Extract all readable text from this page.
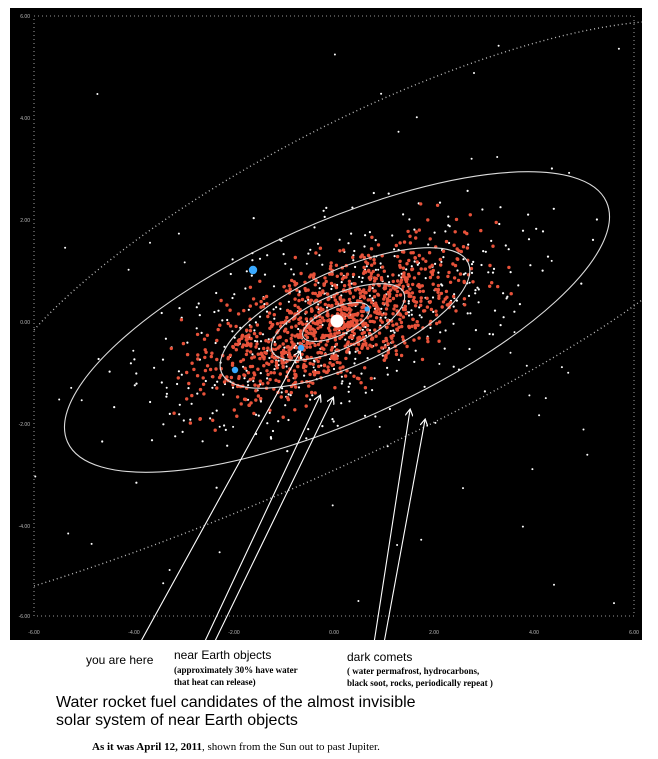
6.00
4.00
2.00
0.00
-2.00
-4.00
-6.00
-6.00	-4.00	-2.00	0.00	2.00	4.00	6.00
you are here near Earth objects
(approximately 30% have water
that heat can release)
dark comets
( water permafrost, hydrocarbons,
black soot, rocks, periodically repeat )
Water rocket fuel candidates of the almost invisible
solar system of near Earth objects
As it was April 12, 2011, shown from the Sun out to past Jupiter.
